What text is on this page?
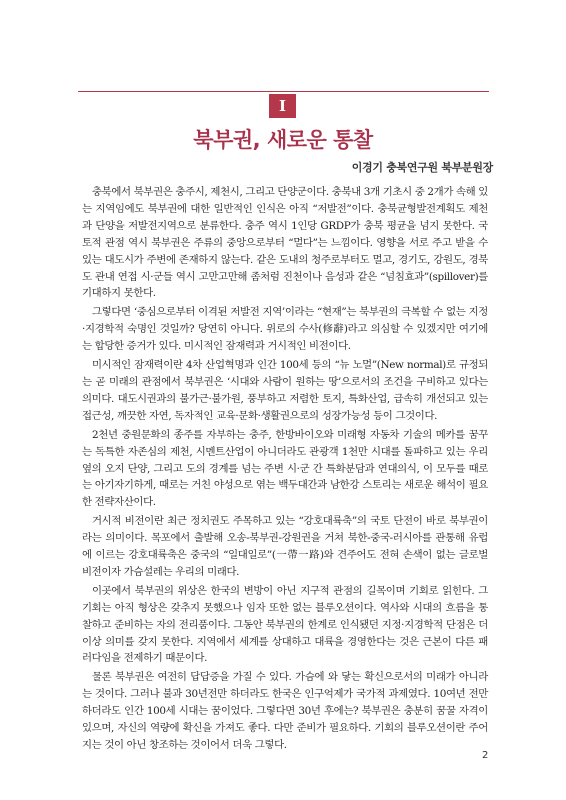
I
북부권, 새로운 통찰
이경기 충북연구원 북부분원장

충북에서 북부권은 충주시, 제천시, 그리고 단양군이다. 충북내 3개 기초시 중 2개가 속해 있는 지역임에도 북부권에 대한 일반적인 인식은 아직 “저발전”이다. 충북균형발전계획도 제천과 단양을 저발전지역으로 분류한다. 충주 역시 1인당 GRDP가 충북 평균을 넘지 못한다. 국토적 관점 역시 북부권은 주류의 중앙으로부터 “멀다”는 느낌이다. 영향을 서로 주고 받을 수 있는 대도시가 주변에 존재하지 않는다. 같은 도내의 청주로부터도 멀고, 경기도, 강원도, 경북도 관내 연접 시·군들 역시 고만고만해 좀처럼 진천이나 음성과 같은 “넘침효과”(spillover)를 기대하지 못한다.

그렇다면 ‘중심으로부터 이격된 저발전 지역’이라는 “현재”는 북부권의 극복할 수 없는 지정·지경학적 숙명인 것일까? 당연히 아니다. 위로의 수사(修辭)라고 의심할 수 있겠지만 여기에는 합당한 증거가 있다. 미시적인 잠재력과 거시적인 비전이다.

미시적인 잠재력이란 4차 산업혁명과 인간 100세 등의 “뉴 노멀”(New normal)로 규정되는 곧 미래의 관점에서 북부권은 ‘시대와 사람이 원하는 땅’으로서의 조건을 구비하고 있다는 의미다. 대도시권과의 불가근·불가원, 풍부하고 저렴한 토지, 특화산업, 급속히 개선되고 있는 접근성, 깨끗한 자연, 독자적인 교육·문화·생활권으로의 성장가능성 등이 그것이다.

2천년 중원문화의 종주를 자부하는 충주, 한방바이오와 미래형 자동차 기술의 메카를 꿈꾸는 독특한 자존심의 제천, 시멘트산업이 아니더라도 관광객 1천만 시대를 돌파하고 있는 우리 옆의 오지 단양, 그리고 도의 경계를 넘는 주변 시·군 간 특화분담과 연대의식, 이 모두를 때로는 아기자기하게, 때로는 거친 야성으로 엮는 백두대간과 남한강 스토리는 새로운 해석이 필요한 전략자산이다.

거시적 비전이란 최근 정치권도 주목하고 있는 “강호대륙축”의 국토 단전이 바로 북부권이라는 의미이다. 목포에서 출발해 오송-북부권-강원권을 거쳐 북한-중국-러시아를 관통해 유럽에 이르는 강호대륙축은 중국의 “일대일로”(一帶一路)와 견주어도 전혀 손색이 없는 글로벌 비전이자 가슴설레는 우리의 미래다.

이곳에서 북부권의 위상은 한국의 변방이 아닌 지구적 관점의 길목이며 기회로 읽힌다. 그 기회는 아직 형상은 갖추지 못했으나 임자 또한 없는 블루오션이다. 역사와 시대의 흐름을 통찰하고 준비하는 자의 전리품이다. 그동안 북부권의 한계로 인식됐던 지정·지경학적 단점은 더 이상 의미를 갖지 못한다. 지역에서 세계를 상대하고 대륙을 경영한다는 것은 근본이 다른 패러다임을 전제하기 때문이다.

물론 북부권은 여전히 답답증을 가질 수 있다. 가슴에 와 닿는 확신으로서의 미래가 아니라는 것이다. 그러나 불과 30년전만 하더라도 한국은 인구억제가 국가적 과제였다. 10여년 전만 하더라도 인간 100세 시대는 꿈이었다. 그렇다면 30년 후에는? 북부권은 충분히 꿈꿀 자격이 있으며, 자신의 역량에 확신을 가져도 좋다. 다만 준비가 필요하다. 기회의 블루오션이란 주어지는 것이 아닌 창조하는 것이어서 더욱 그렇다.

2
